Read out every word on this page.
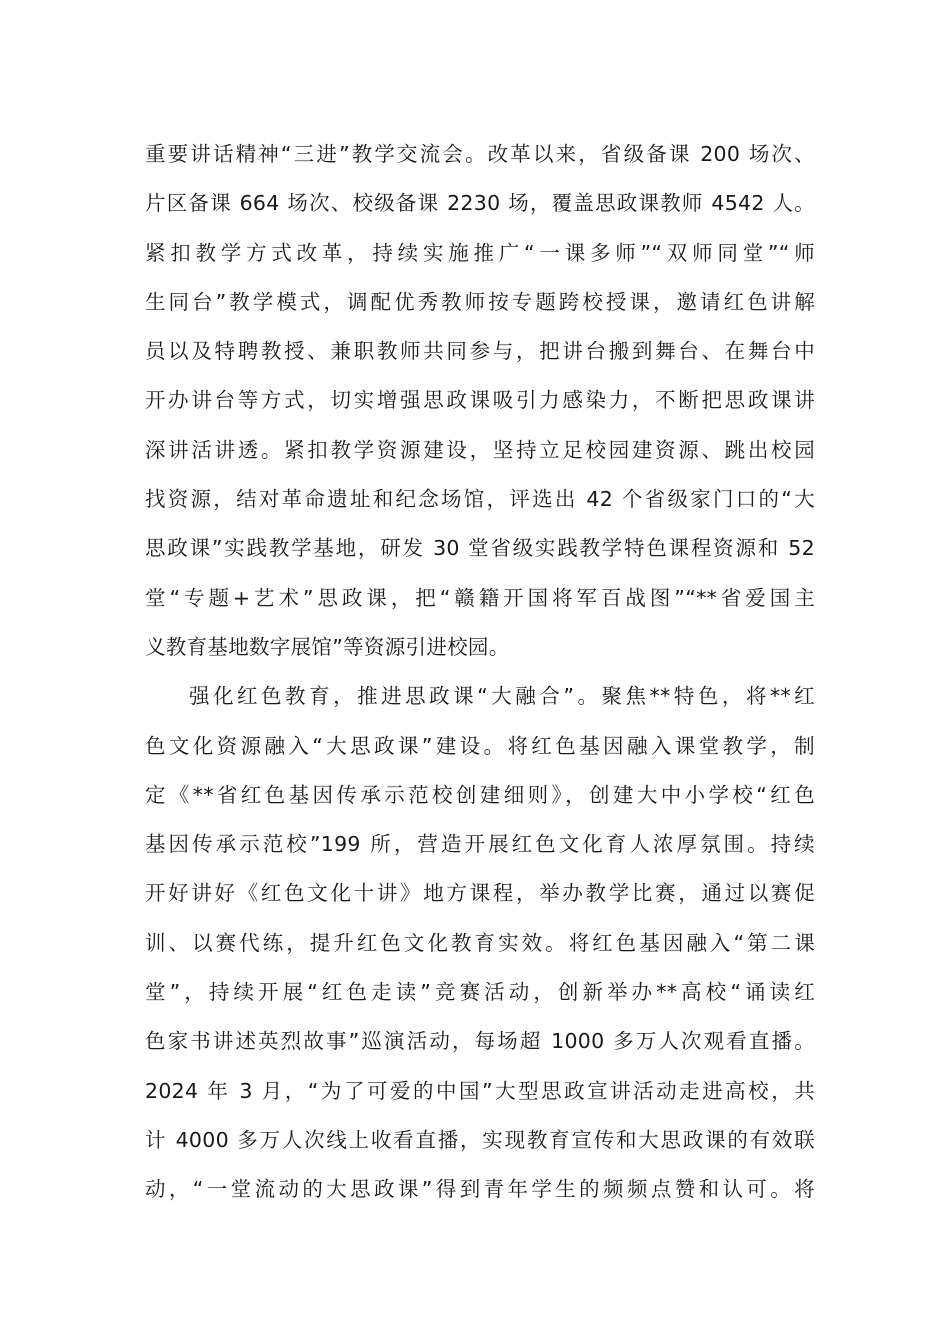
重要讲话精神“三进”教学交流会。改革以来，省级备课 200 场次、
片区备课 664 场次、校级备课 2230 场，覆盖思政课教师 4542 人。
紧扣教学方式改革，持续实施推广“一课多师”“双师同堂”“师
生同台”教学模式，调配优秀教师按专题跨校授课，邀请红色讲解
员以及特聘教授、兼职教师共同参与，把讲台搬到舞台、在舞台中
开办讲台等方式，切实增强思政课吸引力感染力，不断把思政课讲
深讲活讲透。紧扣教学资源建设，坚持立足校园建资源、跳出校园
找资源，结对革命遗址和纪念场馆，评选出 42 个省级家门口的“大
思政课”实践教学基地，研发 30 堂省级实践教学特色课程资源和 52
堂“专题+艺术”思政课，把“赣籍开国将军百战图”“**省爱国主
义教育基地数字展馆”等资源引进校园。
强化红色教育，推进思政课“大融合”。聚焦**特色，将**红
色文化资源融入“大思政课”建设。将红色基因融入课堂教学，制
定《**省红色基因传承示范校创建细则》，创建大中小学校“红色
基因传承示范校”199 所，营造开展红色文化育人浓厚氛围。持续
开好讲好《红色文化十讲》地方课程，举办教学比赛，通过以赛促
训、以赛代练，提升红色文化教育实效。将红色基因融入“第二课
堂”，持续开展“红色走读”竞赛活动，创新举办**高校“诵读红
色家书讲述英烈故事”巡演活动，每场超 1000 多万人次观看直播。
2024 年 3 月，“为了可爱的中国”大型思政宣讲活动走进高校，共
计 4000 多万人次线上收看直播，实现教育宣传和大思政课的有效联
动，“一堂流动的大思政课”得到青年学生的频频点赞和认可。将
